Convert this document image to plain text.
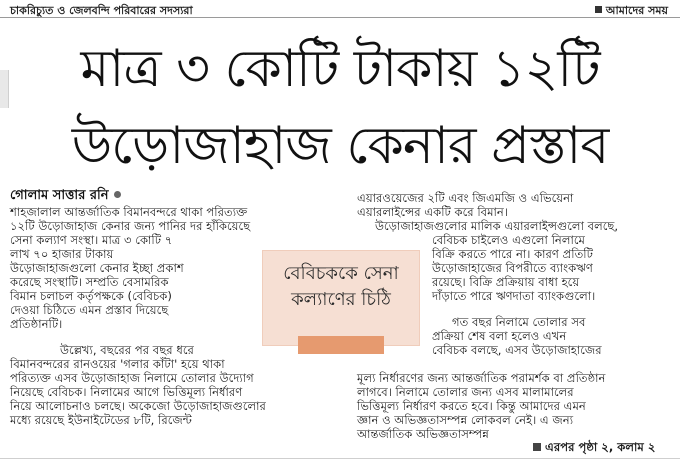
চাকরিচ্যুত ও জেলবন্দি পরিবারের সদস্যরা	আমাদের সময়
মাত্র ৩ কোটি টাকায় ১২টি
উড়োজাহাজ কেনার প্রস্তাব
গোলাম সাত্তার রনি
শাহজালাল আন্তর্জাতিক বিমানবন্দরে থাকা পরিত্যক্ত
১২টি উড়োজাহাজ কেনার জন্য পানির দর হাঁকিয়েছে
সেনা কল্যাণ সংস্থা। মাত্র ৩ কোটি ৭
লাখ ৭০ হাজার টাকায়
উড়োজাহাজগুলো কেনার ইচ্ছা প্রকাশ
করেছে সংস্থাটি। সম্প্রতি বেসামরিক
বিমান চলাচল কর্তৃপক্ষকে (বেবিচক)
দেওয়া চিঠিতে এমন প্রস্তাব দিয়েছে
প্রতিষ্ঠানটি।
উল্লেখ্য, বছরের পর বছর ধরে
বিমানবন্দরের রানওয়ের 'গলার কাঁটা' হয়ে থাকা
পরিত্যক্ত এসব উড়োজাহাজ নিলামে তোলার উদ্যোগ
নিয়েছে বেবিচক। নিলামের আগে ভিত্তিমূল্য নির্ধারণ
নিয়ে আলোচনাও চলছে। অকেজো উড়োজাহাজগুলোর
মধ্যে রয়েছে ইউনাইটেডের ৮টি, রিজেন্ট
এয়ারওয়েজের ২টি এবং জিএমজি ও এভিয়েনা
এয়ারলাইন্সের একটি করে বিমান।
উড়োজাহাজগুলোর মালিক এয়ারলাইন্সগুলো বলছে,
বেবিচক চাইলেও এগুলো নিলামে
বিক্রি করতে পারে না। কারণ প্রতিটি
উড়োজাহাজের বিপরীতে ব্যাংকঋণ
রয়েছে। বিক্রি প্রক্রিয়ায় বাধা হয়ে
দাঁড়াতে পারে ঋণদাতা ব্যাংকগুলো।
গত বছর নিলামে তোলার সব
প্রক্রিয়া শেষ বলা হলেও এখন
বেবিচক বলছে, এসব উড়োজাহাজের
মূল্য নির্ধারণের জন্য আন্তর্জাতিক পরামর্শক বা প্রতিষ্ঠান
লাগবে। নিলামে তোলার জন্য এসব মালামালের
ভিত্তিমূল্য নির্ধারণ করতে হবে। কিন্তু আমাদের এমন
জ্ঞান ও অভিজ্ঞতাসম্পন্ন লোকবল নেই। এ জন্য
আন্তর্জাতিক অভিজ্ঞতাসম্পন্ন
এরপর পৃষ্ঠা ২, কলাম ২
বেবিচককে সেনা
কল্যাণের চিঠি
